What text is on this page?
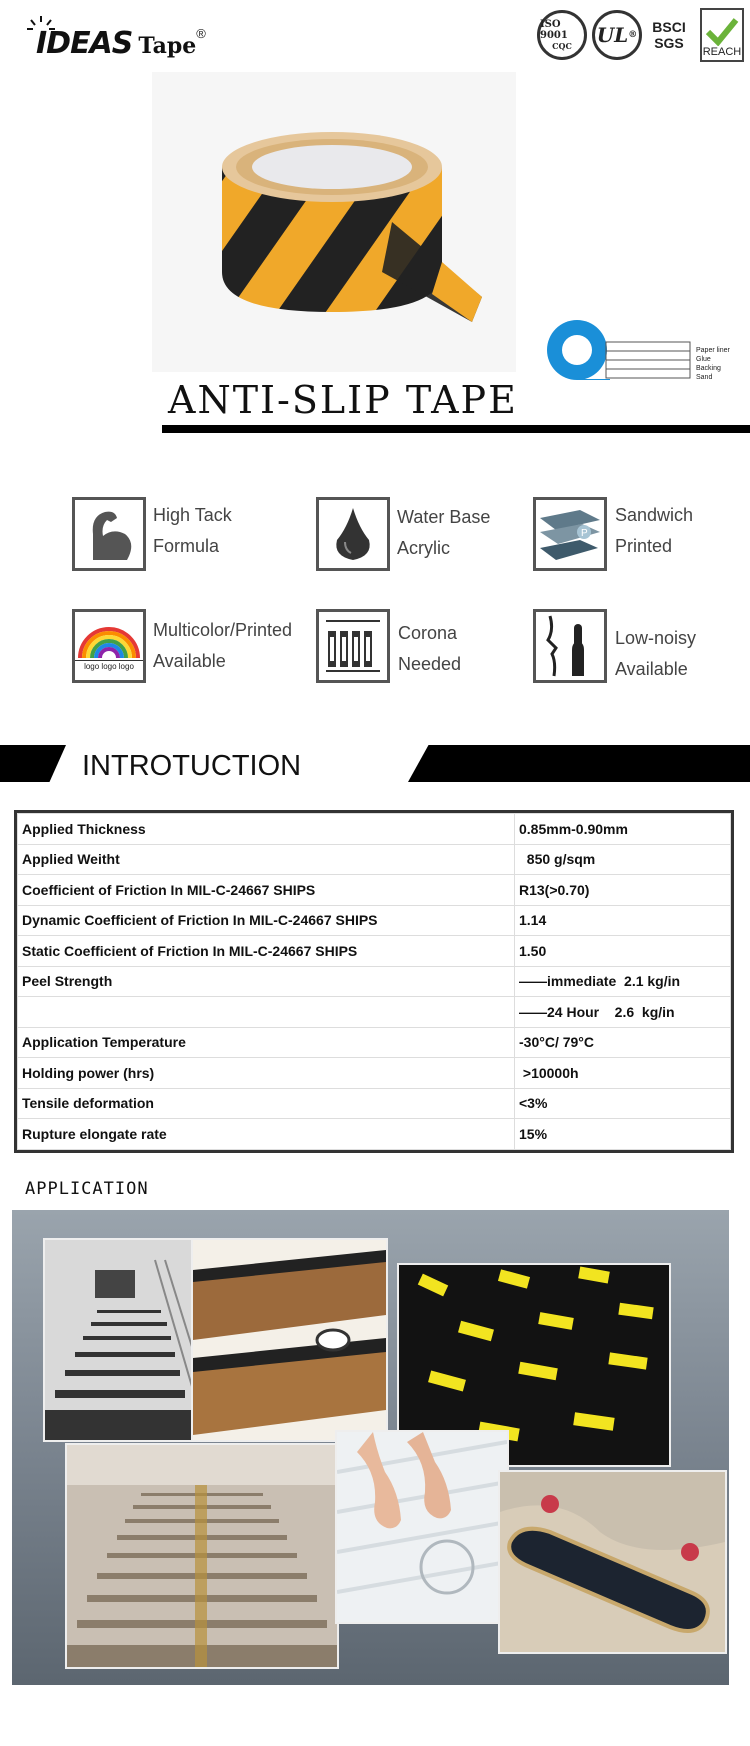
IDEAS Tape®
ISO 9001
CQC UL ® BSCI
SGS
REACH
Paper liner
Glue
Backing
Sand
ANTI-SLIP TAPE
High Tack
Formula
Water Base
Acrylic
P
Sandwich
Printed
logo logo logo
Multicolor/Printed
Available
Corona
Needed
Low-noisy
Available
INTROTUCTION
Applied Thickness	0.85mm-0.90mm
Applied Weitht	850 g/sqm
Coefficient of Friction In MIL-C-24667 SHIPS	R13(>0.70)
Dynamic Coefficient of Friction In MIL-C-24667 SHIPS	1.14
Static Coefficient of Friction In MIL-C-24667 SHIPS	1.50
Peel Strength	——immediate  2.1 kg/in
	——24 Hour    2.6  kg/in
Application Temperature	-30°C/ 79°C
Holding power (hrs)	>10000h
Tensile deformation	<3%
Rupture elongate rate	15%
APPLICATION
